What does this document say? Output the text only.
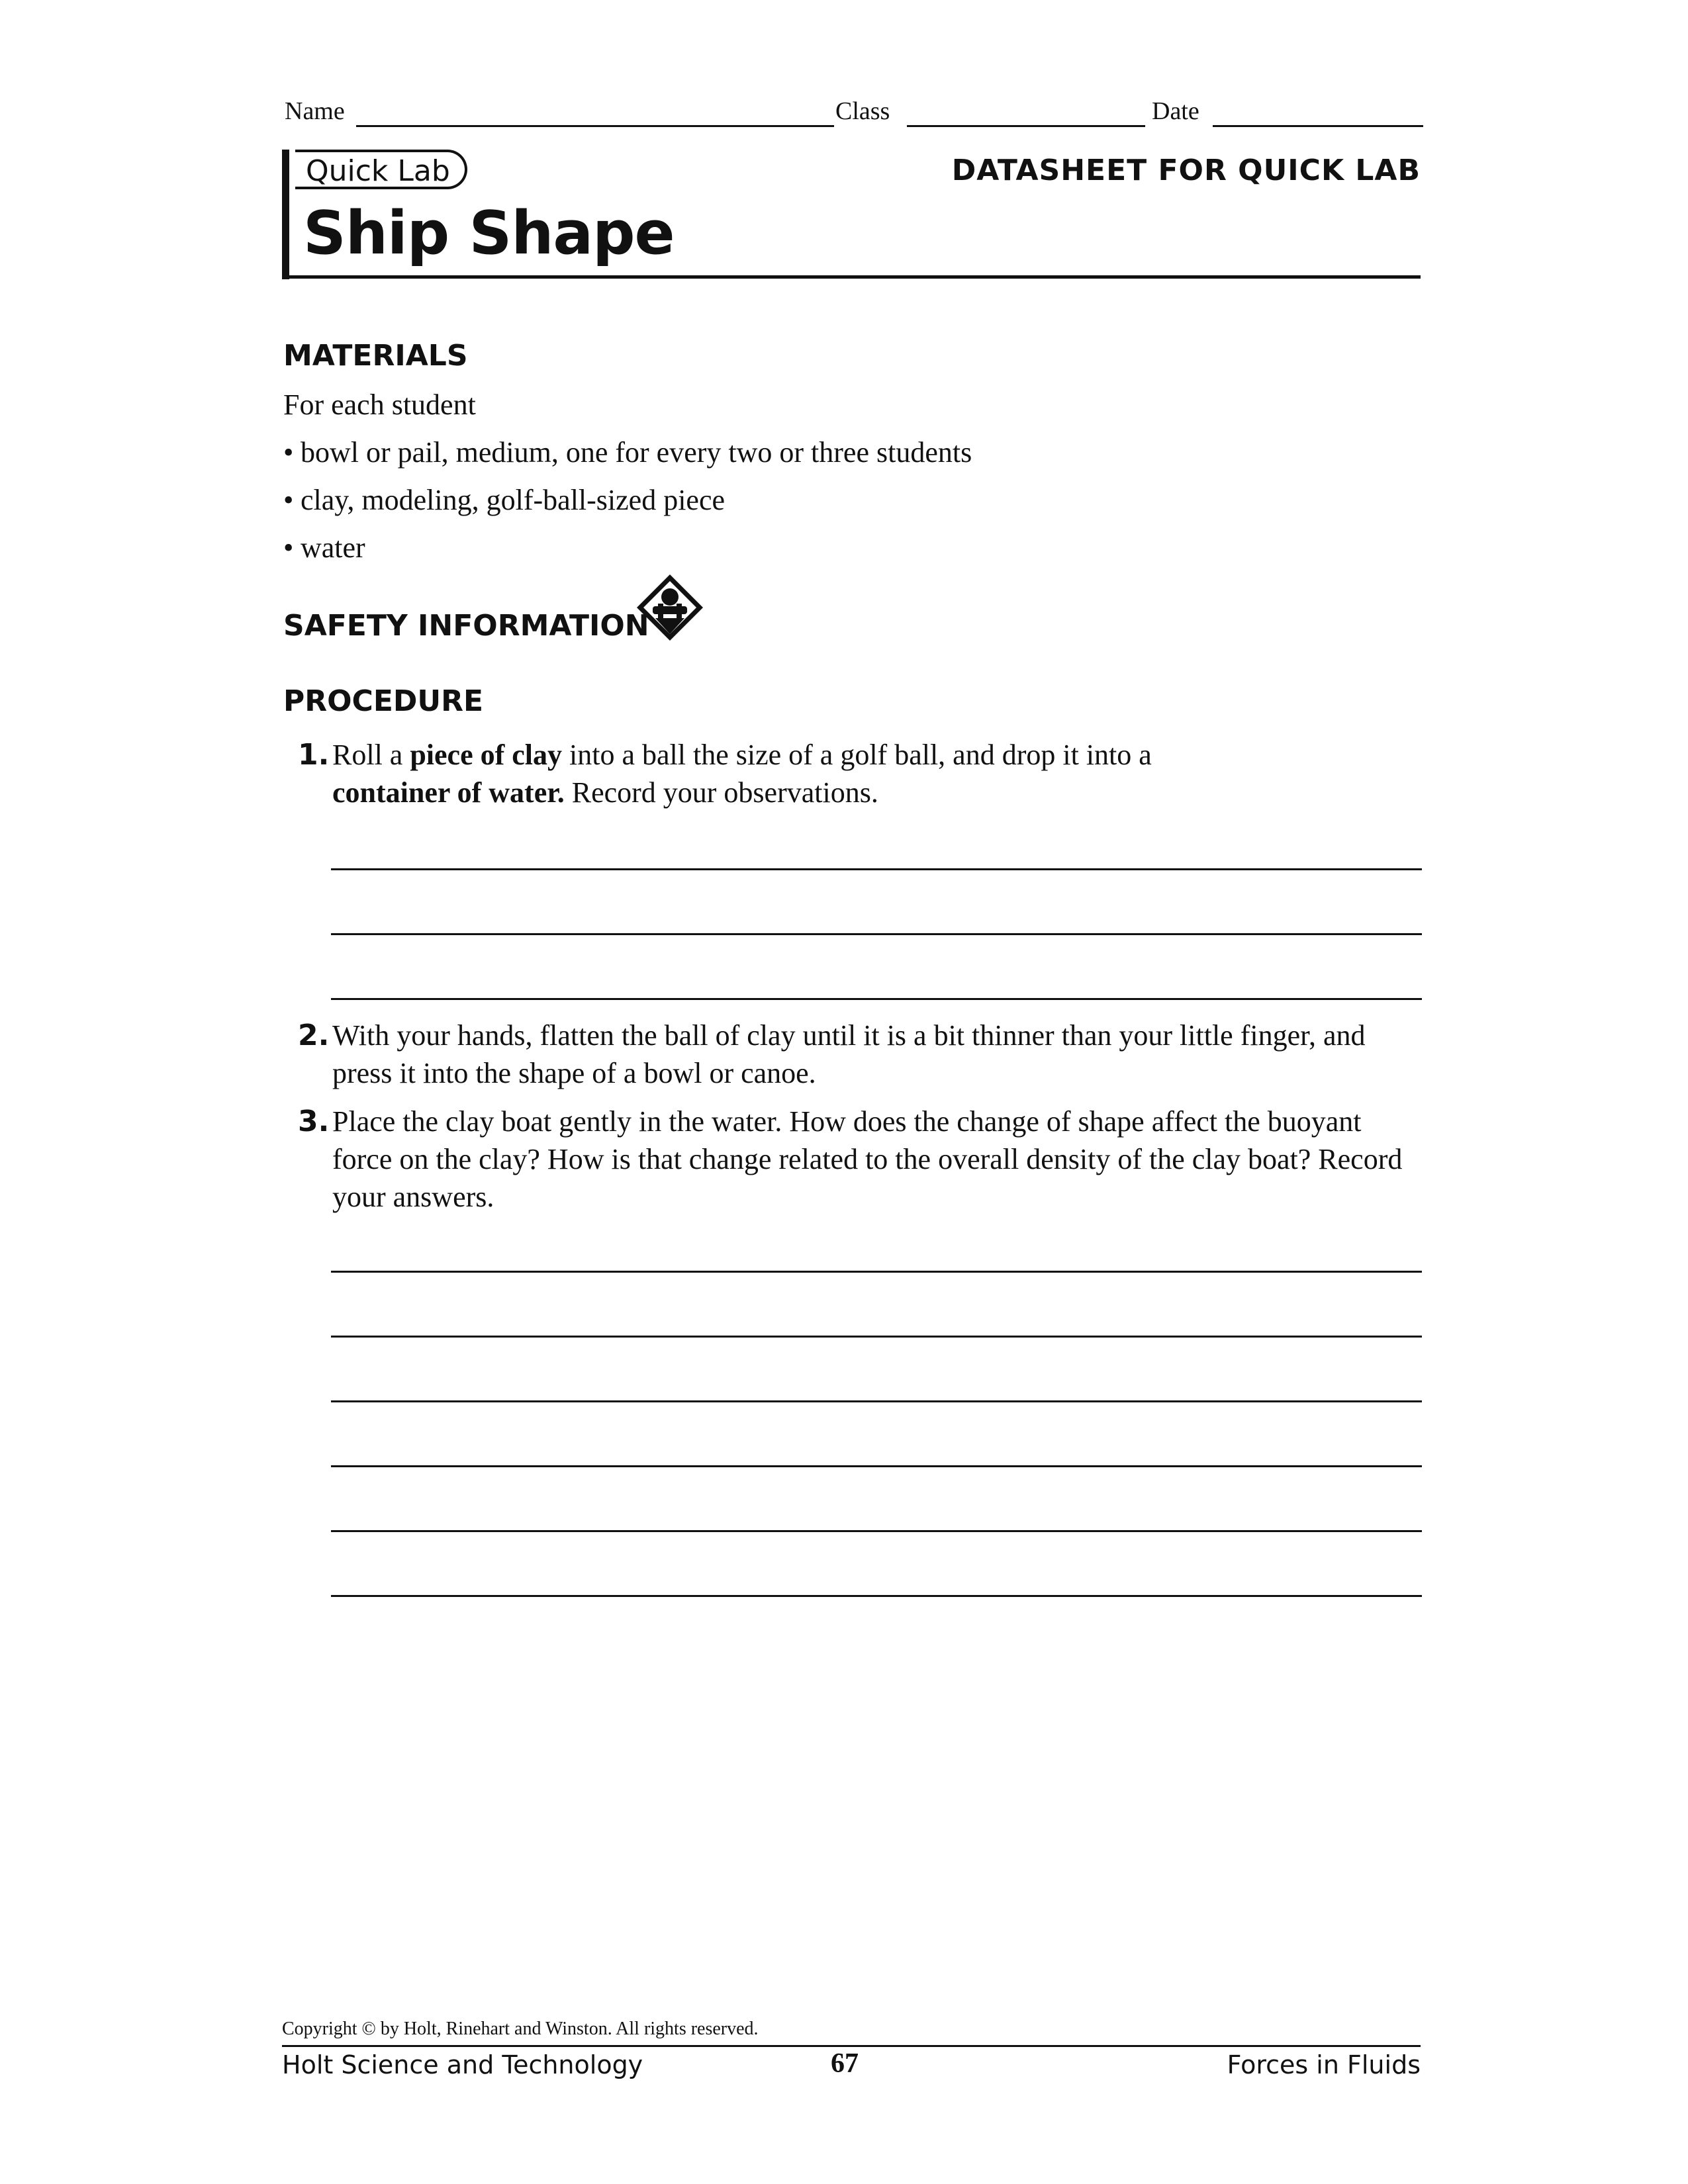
Name	Class	Date
Quick Lab	DATASHEET FOR QUICK LAB
Ship Shape
MATERIALS
For each student
• bowl or pail, medium, one for every two or three students
• clay, modeling, golf-ball-sized piece
• water
SAFETY INFORMATION
PROCEDURE
1. Roll a piece of clay into a ball the size of a golf ball, and drop it into a
container of water. Record your observations.
2. With your hands, flatten the ball of clay until it is a bit thinner than your little finger, and press it into the shape of a bowl or canoe.
3. Place the clay boat gently in the water. How does the change of shape affect the buoyant force on the clay? How is that change related to the overall density of the clay boat? Record your answers.
Copyright © by Holt, Rinehart and Winston. All rights reserved.
Holt Science and Technology	67	Forces in Fluids
